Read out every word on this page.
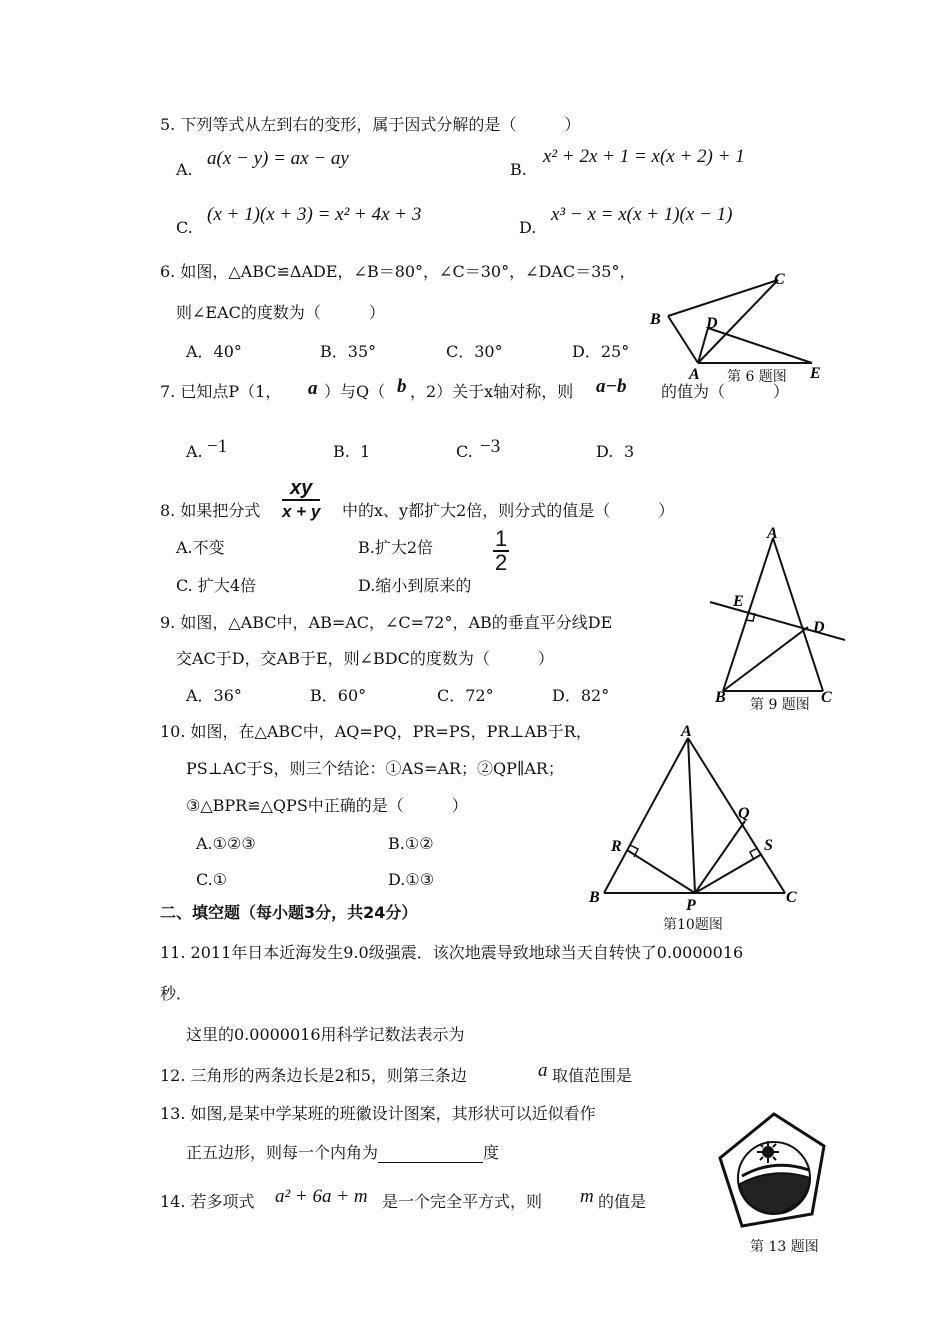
5. 下列等式从左到右的变形，属于因式分解的是（　　　）
A.
a(x − y) = ax − ay
B.
x² + 2x + 1 = x(x + 2) + 1
C.
(x + 1)(x + 3) = x² + 4x + 3
D.
x³ − x = x(x + 1)(x − 1)
6. 如图，△ABC≌ΔADE，∠B＝80°，∠C＝30°，∠DAC＝35°，
则∠EAC的度数为（　　　）
A．40°	B．35°	C．30°	D．25°
C
B	D
A	E
第 6 题图
7. 已知点P（1， a ）与Q（ b ，2）关于x轴对称，则 a−b 的值为（　　　）
A. −1	B. 1	C. −3	D. 3
8. 如果把分式 $\frac{xy}{x + y}$ 中的x、y都扩大2倍，则分式的值是（　　　）
A.不变	B.扩大2倍	$\frac{1}{2}$
C. 扩大4倍	D.缩小到原来的
9. 如图，△ABC中，AB=AC，∠C=72°，AB的垂直平分线DE
交AC于D，交AB于E，则∠BDC的度数为（　　　）
A．36°	B．60°	C．72°	D．82°
A
E
D
B	C
第 9 题图
10. 如图，在△ABC中，AQ=PQ，PR=PS，PR⊥AB于R，
PS⊥AC于S，则三个结论：①AS=AR；②QP∥AR；
③△BPR≌△QPS中正确的是（　　　）
A.①②③	B.①②
C.①	D.①③
A
Q
R	S
B	P	C
第10题图
二、填空题（每小题3分，共24分）
11. 2011年日本近海发生9.0级强震．该次地震导致地球当天自转快了0.0000016
秒．
这里的0.0000016用科学记数法表示为
12. 三角形的两条边长是2和5，则第三条边	a 取值范围是
13. 如图,是某中学某班的班徽设计图案，其形状可以近似看作
正五边形，则每一个内角为	度
第 13 题图
14. 若多项式 a² + 6a + m 是一个完全平方式，则 m 的值是
